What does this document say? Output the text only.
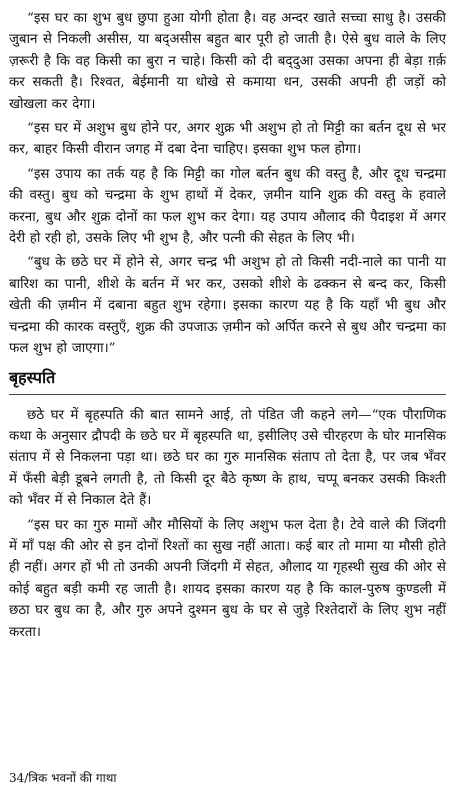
“इस घर का शुभ बुध छुपा हुआ योगी होता है। वह अन्दर खाते सच्चा साधु है। उसकी जुबान से निकली असीस, या बद्‌असीस बहुत बार पूरी हो जाती है। ऐसे बुध वाले के लिए ज़रूरी है कि वह किसी का बुरा न चाहे। किसी को दी बद्‌दुआ उसका अपना ही बेड़ा ग़र्क़ कर सकती है। रिश्वत, बेईमानी या धोखे से कमाया धन, उसकी अपनी ही जड़ों को खोखला कर देगा।

“इस घर में अशुभ बुध होने पर, अगर शुक्र भी अशुभ हो तो मिट्टी का बर्तन दूध से भर कर, बाहर किसी वीरान जगह में दबा देना चाहिए। इसका शुभ फल होगा।

“इस उपाय का तर्क यह है कि मिट्टी का गोल बर्तन बुध की वस्तु है, और दूध चन्द्रमा की वस्तु। बुध को चन्द्रमा के शुभ हाथों में देकर, ज़मीन यानि शुक्र की वस्तु के हवाले करना, बुध और शुक्र दोनों का फल शुभ कर देगा। यह उपाय औलाद की पैदाइश में अगर देरी हो रही हो, उसके लिए भी शुभ है, और पत्नी की सेहत के लिए भी।

“बुध के छठे घर में होने से, अगर चन्द्र भी अशुभ हो तो किसी नदी-नाले का पानी या बारिश का पानी, शीशे के बर्तन में भर कर, उसको शीशे के ढक्कन से बन्द कर, किसी खेती की ज़मीन में दबाना बहुत शुभ रहेगा। इसका कारण यह है कि यहाँ भी बुध और चन्द्रमा की कारक वस्तुएँ, शुक्र की उपजाऊ ज़मीन को अर्पित करने से बुध और चन्द्रमा का फल शुभ हो जाएगा।”

बृहस्पति

छठे घर में बृहस्पति की बात सामने आई, तो पंडित जी कहने लगे—“एक पौराणिक कथा के अनुसार द्रौपदी के छठे घर में बृहस्पति था, इसीलिए उसे चीरहरण के घोर मानसिक संताप में से निकलना पड़ा था। छठे घर का गुरु मानसिक संताप तो देता है, पर जब भँवर में फँसी बेड़ी डूबने लगती है, तो किसी दूर बैठे कृष्ण के हाथ, चप्पू बनकर उसकी किश्ती को भँवर में से निकाल देते हैं।

“इस घर का गुरु मामों और मौसियों के लिए अशुभ फल देता है। टेवे वाले की जिंदगी में माँ पक्ष की ओर से इन दोनों रिश्तों का सुख नहीं आता। कई बार तो मामा या मौसी होते ही नहीं। अगर हों भी तो उनकी अपनी जिंदगी में सेहत, औलाद या गृहस्थी सुख की ओर से कोई बहुत बड़ी कमी रह जाती है। शायद इसका कारण यह है कि काल-पुरुष कुण्डली में छठा घर बुध का है, और गुरु अपने दुश्मन बुध के घर से जुड़े रिश्तेदारों के लिए शुभ नहीं करता।

34/त्रिक भवनों की गाथा
